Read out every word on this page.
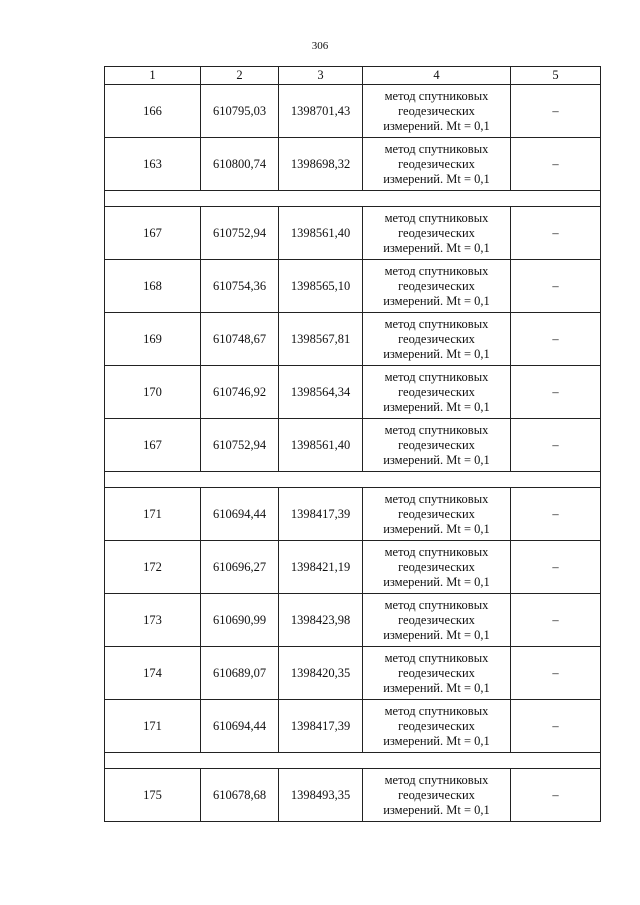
306
1	2	3	4	5
166	610795,03	1398701,43	метод спутниковых
геодезических
измерений. Mt = 0,1	–
163	610800,74	1398698,32	метод спутниковых
геодезических
измерений. Mt = 0,1	–

167	610752,94	1398561,40	метод спутниковых
геодезических
измерений. Mt = 0,1	–
168	610754,36	1398565,10	метод спутниковых
геодезических
измерений. Mt = 0,1	–
169	610748,67	1398567,81	метод спутниковых
геодезических
измерений. Mt = 0,1	–
170	610746,92	1398564,34	метод спутниковых
геодезических
измерений. Mt = 0,1	–
167	610752,94	1398561,40	метод спутниковых
геодезических
измерений. Mt = 0,1	–

171	610694,44	1398417,39	метод спутниковых
геодезических
измерений. Mt = 0,1	–
172	610696,27	1398421,19	метод спутниковых
геодезических
измерений. Mt = 0,1	–
173	610690,99	1398423,98	метод спутниковых
геодезических
измерений. Mt = 0,1	–
174	610689,07	1398420,35	метод спутниковых
геодезических
измерений. Mt = 0,1	–
171	610694,44	1398417,39	метод спутниковых
геодезических
измерений. Mt = 0,1	–

175	610678,68	1398493,35	метод спутниковых
геодезических
измерений. Mt = 0,1	–
